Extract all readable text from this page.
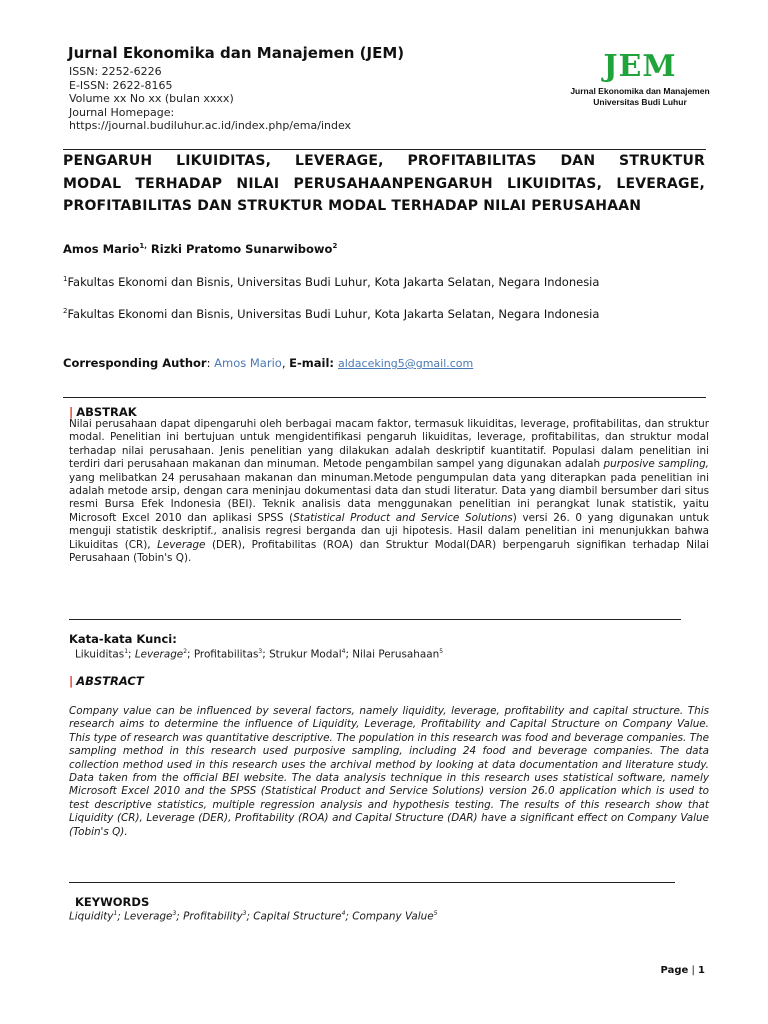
Jurnal Ekonomika dan Manajemen (JEM)
ISSN: 2252-6226
E-ISSN: 2622-8165
Volume xx No xx (bulan xxxx)
Journal Homepage:
https://journal.budiluhur.ac.id/index.php/ema/index
JEM
Jurnal Ekonomika dan Manajemen
Universitas Budi Luhur
PENGARUH LIKUIDITAS, LEVERAGE, PROFITABILITAS DAN STRUKTUR
MODAL TERHADAP NILAI PERUSAHAANPENGARUH LIKUIDITAS, LEVERAGE,
PROFITABILITAS DAN STRUKTUR MODAL TERHADAP NILAI PERUSAHAAN
Amos Mario$^{1,}$ Rizki Pratomo Sunarwibowo$^2$
$^1$Fakultas Ekonomi dan Bisnis, Universitas Budi Luhur, Kota Jakarta Selatan, Negara Indonesia
$^2$Fakultas Ekonomi dan Bisnis, Universitas Budi Luhur, Kota Jakarta Selatan, Negara Indonesia
Corresponding Author: Amos Mario, E-mail: aldaceking5@gmail.com
| ABSTRAK
Nilai perusahaan dapat dipengaruhi oleh berbagai macam faktor, termasuk likuiditas, leverage, profitabilitas, dan struktur modal. Penelitian ini bertujuan untuk mengidentifikasi pengaruh likuiditas, leverage, profitabilitas, dan struktur modal terhadap nilai perusahaan. Jenis penelitian yang dilakukan adalah deskriptif kuantitatif. Populasi dalam penelitian ini terdiri dari perusahaan makanan dan minuman. Metode pengambilan sampel yang digunakan adalah purposive sampling, yang melibatkan 24 perusahaan makanan dan minuman.Metode pengumpulan data yang diterapkan pada penelitian ini adalah metode arsip, dengan cara meninjau dokumentasi data dan studi literatur. Data yang diambil bersumber dari situs resmi Bursa Efek Indonesia (BEI). Teknik analisis data menggunakan penelitian ini perangkat lunak statistik, yaitu Microsoft Excel 2010 dan aplikasi SPSS (Statistical Product and Service Solutions) versi 26. 0 yang digunakan untuk menguji statistik deskriptif., analisis regresi berganda dan uji hipotesis. Hasil dalam penelitian ini menunjukkan bahwa Likuiditas (CR), Leverage (DER), Profitabilitas (ROA) dan Struktur Modal(DAR) berpengaruh signifikan terhadap Nilai Perusahaan (Tobin's Q).
Kata-kata Kunci:
Likuiditas$^1$; Leverage$^2$; Profitabilitas$^3$; Strukur Modal$^4$; Nilai Perusahaan$^5$
| ABSTRACT
Company value can be influenced by several factors, namely liquidity, leverage, profitability and capital structure. This research aims to determine the influence of Liquidity, Leverage, Profitability and Capital Structure on Company Value. This type of research was quantitative descriptive. The population in this research was food and beverage companies. The sampling method in this research used purposive sampling, including 24 food and beverage companies. The data collection method used in this research uses the archival method by looking at data documentation and literature study. Data taken from the official BEI website. The data analysis technique in this research uses statistical software, namely Microsoft Excel 2010 and the SPSS (Statistical Product and Service Solutions) version 26.0 application which is used to test descriptive statistics, multiple regression analysis and hypothesis testing. The results of this research show that Liquidity (CR), Leverage (DER), Profitability (ROA) and Capital Structure (DAR) have a significant effect on Company Value (Tobin's Q).
KEYWORDS
Liquidity$^1$; Leverage$^3$; Profitability$^3$; Capital Structure$^4$; Company Value$^5$
Page | 1
